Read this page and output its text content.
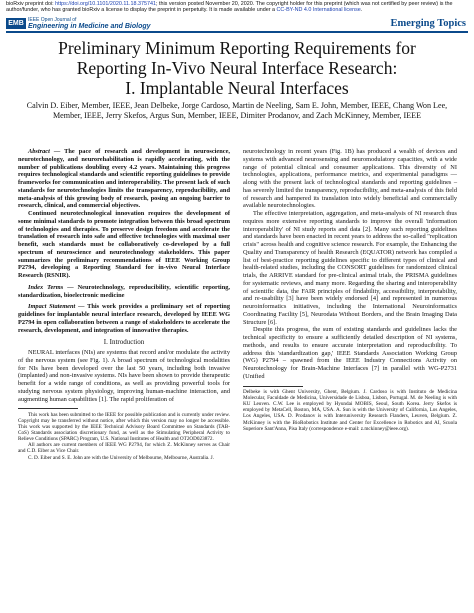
bioRxiv preprint doi: https://doi.org/10.1101/2020.11.18.375741; this version posted November 20, 2020. The copyright holder for this preprint (which was not certified by peer review) is the author/funder, who has granted bioRxiv a license to display the preprint in perpetuity. It is made available under a CC-BY-ND 4.0 International license.
EMB IEEE Open Journal of
Engineering in Medicine and Biology	Emerging Topics
Preliminary Minimum Reporting Requirements for
Reporting In-Vivo Neural Interface Research:
I. Implantable Neural Interfaces
Calvin D. Eiber, Member, IEEE, Jean Delbeke, Jorge Cardoso, Martin de Neeling, Sam E. John, Member, IEEE, Chang Won Lee, Member, IEEE, Jerry Skefos, Argus Sun, Member, IEEE, Dimiter Prodanov, and Zach McKinney, Member, IEEE

Abstract — The pace of research and development in neuroscience, neurotechnology, and neurorehabilitation is rapidly accelerating, with the number of publications doubling every 4.2 years. Maintaining this progress requires technological standards and scientific reporting guidelines to provide frameworks for communication and interoperability. The present lack of such standards for neurotechnologies limits the transparency, reproducibility, and meta-analysis of this growing body of research, posing an ongoing barrier to research, clinical, and commercial objectives.

Continued neurotechnological innovation requires the development of some minimal standards to promote integration between this broad spectrum of technologies and therapies. To preserve design freedom and accelerate the translation of research into safe and effective technologies with maximal user benefit, such standards must be collaboratively co-developed by a full spectrum of neuroscience and neurotechnology stakeholders. This paper summarizes the preliminary recommendations of IEEE Working Group P2794, developing a Reporting Standard for in-vivo Neural Interface Research (RSNIR).

Index Terms — Neurotechnology, reproducibility, scientific reporting, standardization, bioelectronic medicine

Impact Statement — This work provides a preliminary set of reporting guidelines for implantable neural interface research, developed by IEEE WG P2794 in open collaboration between a range of stakeholders to accelerate the research, development, and integration of innovative therapies.

I. Introduction

NEURAL interfaces (NIs) are systems that record and/or modulate the activity of the nervous system (see Fig. 1). A broad spectrum of technological modalities for NIs have been developed over the last 50 years, including both invasive (implanted) and non-invasive systems. NIs have been shown to provide therapeutic benefit for a wide range of conditions, as well as providing powerful tools for studying nervous system physiology, improving human-machine interaction, and augmenting human capabilities [1]. The rapid proliferation of

This work has been submitted to the IEEE for possible publication and is currently under review. Copyright may be transferred without notice, after which this version may no longer be accessible. This work was supported by the IEEE Technical Advisory Board Committee on Standards (TAB-CoS) Standards association discretionary fund, as well as the Stimulating Peripheral Activity to Relieve Conditions (SPARC) Program, U.S. National Institutes of Health and OT2OD023872.

All authors are current members of IEEE WG P2794, for which Z. McKinney serves as Chair and C.D. Eiber as Vice Chair.

C. D. Eiber and S. E. John are with the University of Melbourne, Melbourne, Australia. J.

neurotechnology in recent years (Fig. 1B) has produced a wealth of devices and systems with advanced neurosensing and neuromodulatory capacities, with a wide range of potential clinical and consumer applications. This diversity of NI technologies, applications, performance metrics, and experimental paradigms — along with the present lack of technological standards and reporting guidelines – has severely limited the transparency, reproducibility, and meta-analysis of this field of research and hampered its translation into widely beneficial and commercially available neurotechnologies.

The effective interpretation, aggregation, and meta-analysis of NI research thus requires more extensive reporting standards to improve the overall 'information interoperability' of NI study reports and data [2]. Many such reporting guidelines and standards have been enacted in recent years to address the so-called "replication crisis" across health and cognitive science research. For example, the Enhancing the Quality and Transparency of health Research (EQUATOR) network has compiled a list of best-practice reporting guidelines specific to different types of clinical and health-related studies, including the CONSORT guidelines for randomized clinical trials, the ARRIVE standard for pre-clinical animal trials, the PRISMA guidelines for systematic reviews, and many more. Regarding the sharing and interoperability of scientific data, the FAIR principles of findability, accessibility, interpretability, and re-usability [3] have been widely endorsed [4] and represented in numerous neuroinformatics initiatives, including the International Neuroinformatics Coordinating Facility [5], Neurodata Without Borders, and the Brain Imaging Data Structure [6].

Despite this progress, the sum of existing standards and guidelines lacks the technical specificity to ensure a sufficiently detailed description of NI systems, methods, and results to ensure accurate interpretation and reproducibility. To address this 'standardization gap,' IEEE Standards Association Working Group (WG) P2794 – spawned from the IEEE Industry Connections Activity on Neurotechnology for Brain-Machine Interfaces [7] in parallel with WG-P2731 (Unified

Delbeke is with Ghent University, Ghent, Belgium. J. Cardoso is with Instituto de Medicina Molecular, Faculdade de Medicina, Universidade de Lisboa, Lisbon, Portugal. M. de Neeling is with KU Leuven. C.W. Lee is employed by Hyundai MOBIS, Seoul, South Korea. Jerry Skefos is employed by MetaCell, Boston, MA, USA. A. Sun is with the University of California, Los Angeles, Los Angeles, USA. D. Prodanov is with Interuniversity Research Flanders, Leuven, Belgium. Z. McKinney is with the BioRobotics Institute and Center for Excellence in Robotics and AI, Scuola Superiore Sant'Anna, Pisa Italy (correspondence e-mail: z.mckinney@ieee.org).
